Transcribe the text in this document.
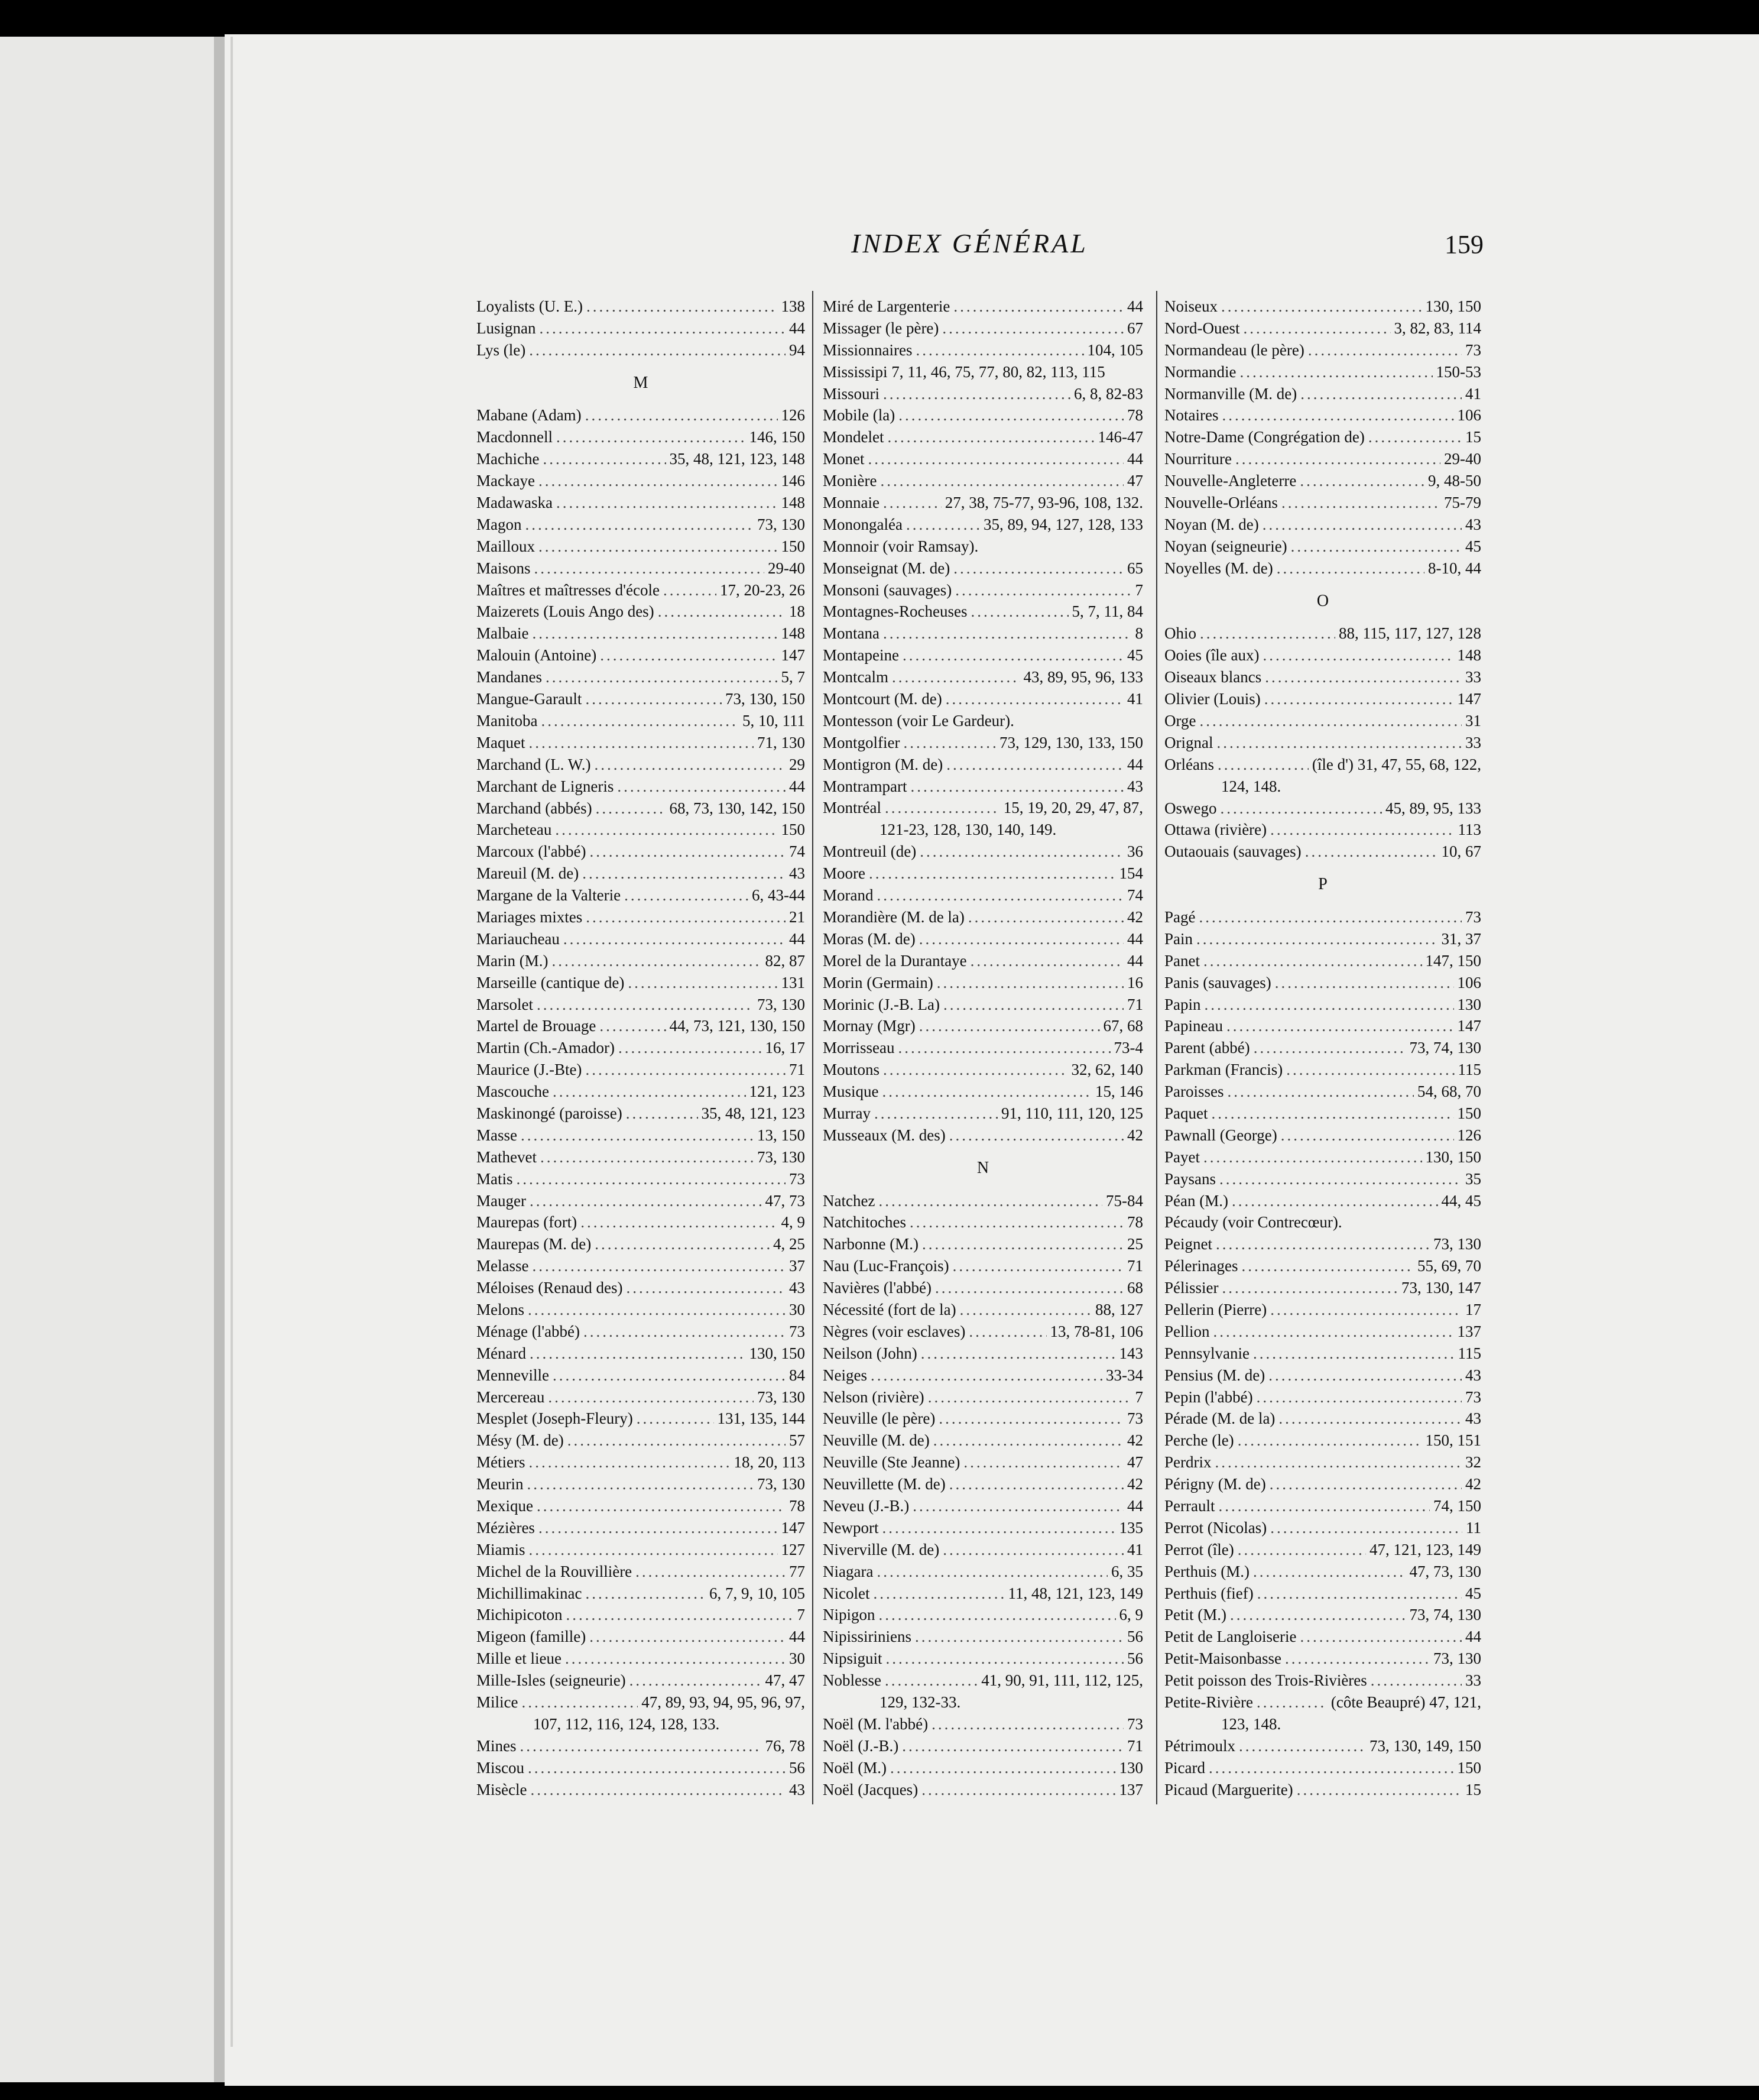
INDEX GÉNÉRAL	159
Loyalists (U. E.) .....	138
Lusignan .....	44
Lys (le) .....	94
M
Mabane (Adam) .....	126
Macdonnell .....	146, 150
Machiche .....	35, 48, 121, 123, 148
Mackaye .....	146
Madawaska .....	148
Magon .....	73, 130
Mailloux .....	150
Maisons .....	29-40
Maîtres et maîtresses d'école .....	17, 20-23, 26
Maizerets (Louis Ango des) .....	18
Malbaie .....	148
Malouin (Antoine) .....	147
Mandanes .....	5, 7
Mangue-Garault .....	73, 130, 150
Manitoba .....	5, 10, 111
Maquet .....	71, 130
Marchand (L. W.) .....	29
Marchant de Ligneris .....	44
Marchand (abbés) .....	68, 73, 130, 142, 150
Marcheteau .....	150
Marcoux (l'abbé) .....	74
Mareuil (M. de) .....	43
Margane de la Valterie .....	6, 43-44
Mariages mixtes .....	21
Mariaucheau .....	44
Marin (M.) .....	82, 87
Marseille (cantique de) .....	131
Marsolet .....	73, 130
Martel de Brouage .....	44, 73, 121, 130, 150
Martin (Ch.-Amador) .....	16, 17
Maurice (J.-Bte) .....	71
Mascouche .....	121, 123
Maskinongé (paroisse) .....	35, 48, 121, 123
Masse .....	13, 150
Mathevet .....	73, 130
Matis .....	73
Mauger .....	47, 73
Maurepas (fort) .....	4, 9
Maurepas (M. de) .....	4, 25
Melasse .....	37
Méloises (Renaud des) .....	43
Melons .....	30
Ménage (l'abbé) .....	73
Ménard .....	130, 150
Menneville .....	84
Mercereau .....	73, 130
Mesplet (Joseph-Fleury) .....	131, 135, 144
Mésy (M. de) .....	57
Métiers .....	18, 20, 113
Meurin .....	73, 130
Mexique .....	78
Mézières .....	147
Miamis .....	127
Michel de la Rouvillière .....	77
Michillimakinac .....	6, 7, 9, 10, 105
Michipicoton .....	7
Migeon (famille) .....	44
Mille et lieue .....	30
Mille-Isles (seigneurie) .....	47, 47
Milice .....	47, 89, 93, 94, 95, 96, 97,
107, 112, 116, 124, 128, 133.
Mines .....	76, 78
Miscou .....	56
Misècle .....	43
Miré de Largenterie .....	44
Missager (le père) .....	67
Missionnaires .....	104, 105
Mississipi 7, 11, 46, 75, 77, 80, 82, 113, 115
Missouri .....	6, 8, 82-83
Mobile (la) .....	78
Mondelet .....	146-47
Monet .....	44
Monière .....	47
Monnaie .....	27, 38, 75-77, 93-96, 108, 132.
Monongaléa .....	35, 89, 94, 127, 128, 133
Monnoir (voir Ramsay).
Monseignat (M. de) .....	65
Monsoni (sauvages) .....	7
Montagnes-Rocheuses .....	5, 7, 11, 84
Montana .....	8
Montapeine .....	45
Montcalm .....	43, 89, 95, 96, 133
Montcourt (M. de) .....	41
Montesson (voir Le Gardeur).
Montgolfier .....	73, 129, 130, 133, 150
Montigron (M. de) .....	44
Montrampart .....	43
Montréal .....	15, 19, 20, 29, 47, 87,
121-23, 128, 130, 140, 149.
Montreuil (de) .....	36
Moore .....	154
Morand .....	74
Morandière (M. de la) .....	42
Moras (M. de) .....	44
Morel de la Durantaye .....	44
Morin (Germain) .....	16
Morinic (J.-B. La) .....	71
Mornay (Mgr) .....	67, 68
Morrisseau .....	73-4
Moutons .....	32, 62, 140
Musique .....	15, 146
Murray .....	91, 110, 111, 120, 125
Musseaux (M. des) .....	42
N
Natchez .....	75-84
Natchitoches .....	78
Narbonne (M.) .....	25
Nau (Luc-François) .....	71
Navières (l'abbé) .....	68
Nécessité (fort de la) .....	88, 127
Nègres (voir esclaves) .....	13, 78-81, 106
Neilson (John) .....	143
Neiges .....	33-34
Nelson (rivière) .....	7
Neuville (le père) .....	73
Neuville (M. de) .....	42
Neuville (Ste Jeanne) .....	47
Neuvillette (M. de) .....	42
Neveu (J.-B.) .....	44
Newport .....	135
Niverville (M. de) .....	41
Niagara .....	6, 35
Nicolet .....	11, 48, 121, 123, 149
Nipigon .....	6, 9
Nipissiriniens .....	56
Nipsiguit .....	56
Noblesse .....	41, 90, 91, 111, 112, 125,
129, 132-33.
Noël (M. l'abbé) .....	73
Noël (J.-B.) .....	71
Noël (M.) .....	130
Noël (Jacques) .....	137
Noiseux .....	130, 150
Nord-Ouest .....	3, 82, 83, 114
Normandeau (le père) .....	73
Normandie .....	150-53
Normanville (M. de) .....	41
Notaires .....	106
Notre-Dame (Congrégation de) .....	15
Nourriture .....	29-40
Nouvelle-Angleterre .....	9, 48-50
Nouvelle-Orléans .....	75-79
Noyan (M. de) .....	43
Noyan (seigneurie) .....	45
Noyelles (M. de) .....	8-10, 44
O
Ohio .....	88, 115, 117, 127, 128
Ooies (île aux) .....	148
Oiseaux blancs .....	33
Olivier (Louis) .....	147
Orge .....	31
Orignal .....	33
Orléans .....	(île d') 31, 47, 55, 68, 122,
124, 148.
Oswego .....	45, 89, 95, 133
Ottawa (rivière) .....	113
Outaouais (sauvages) .....	10, 67
P
Pagé .....	73
Pain .....	31, 37
Panet .....	147, 150
Panis (sauvages) .....	106
Papin .....	130
Papineau .....	147
Parent (abbé) .....	73, 74, 130
Parkman (Francis) .....	115
Paroisses .....	54, 68, 70
Paquet .....	150
Pawnall (George) .....	126
Payet .....	130, 150
Paysans .....	35
Péan (M.) .....	44, 45
Pécaudy (voir Contrecœur).
Peignet .....	73, 130
Pélerinages .....	55, 69, 70
Pélissier .....	73, 130, 147
Pellerin (Pierre) .....	17
Pellion .....	137
Pennsylvanie .....	115
Pensius (M. de) .....	43
Pepin (l'abbé) .....	73
Pérade (M. de la) .....	43
Perche (le) .....	150, 151
Perdrix .....	32
Périgny (M. de) .....	42
Perrault .....	74, 150
Perrot (Nicolas) .....	11
Perrot (île) .....	47, 121, 123, 149
Perthuis (M.) .....	47, 73, 130
Perthuis (fief) .....	45
Petit (M.) .....	73, 74, 130
Petit de Langloiserie .....	44
Petit-Maisonbasse .....	73, 130
Petit poisson des Trois-Rivières .....	33
Petite-Rivière .....	(côte Beaupré) 47, 121,
123, 148.
Pétrimoulx .....	73, 130, 149, 150
Picard .....	150
Picaud (Marguerite) .....	15
